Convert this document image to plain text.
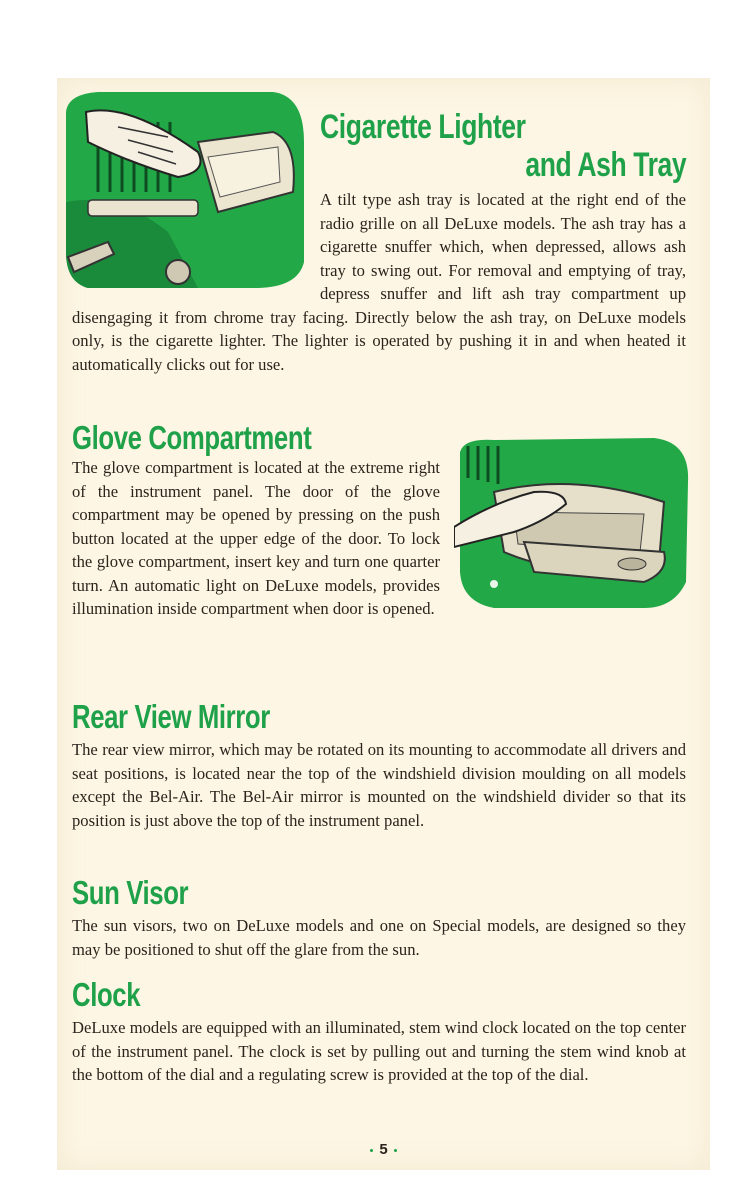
Cigarette Lighter
and Ash Tray

A tilt type ash tray is located at the right end of the radio grille on all DeLuxe models. The ash tray has a cigarette snuffer which, when depressed, allows ash tray to swing out. For removal and emptying of tray, depress snuffer and lift ash tray compartment up disengaging it from chrome tray facing. Directly below the ash tray, on DeLuxe models only, is the cigarette lighter. The lighter is operated by pushing it in and when heated it automatically clicks out for use.

Glove Compartment

The glove compartment is located at the extreme right of the instrument panel. The door of the glove compartment may be opened by pressing on the push button located at the upper edge of the door. To lock the glove compartment, insert key and turn one quarter turn. An automatic light on DeLuxe models, provides illumination inside compartment when door is opened.

Rear View Mirror

The rear view mirror, which may be rotated on its mounting to accommodate all drivers and seat positions, is located near the top of the windshield division moulding on all models except the Bel-Air. The Bel-Air mirror is mounted on the windshield divider so that its position is just above the top of the instrument panel.

Sun Visor

The sun visors, two on DeLuxe models and one on Special models, are designed so they may be positioned to shut off the glare from the sun.

Clock

DeLuxe models are equipped with an illuminated, stem wind clock located on the top center of the instrument panel. The clock is set by pulling out and turning the stem wind knob at the bottom of the dial and a regulating screw is provided at the top of the dial.

5
